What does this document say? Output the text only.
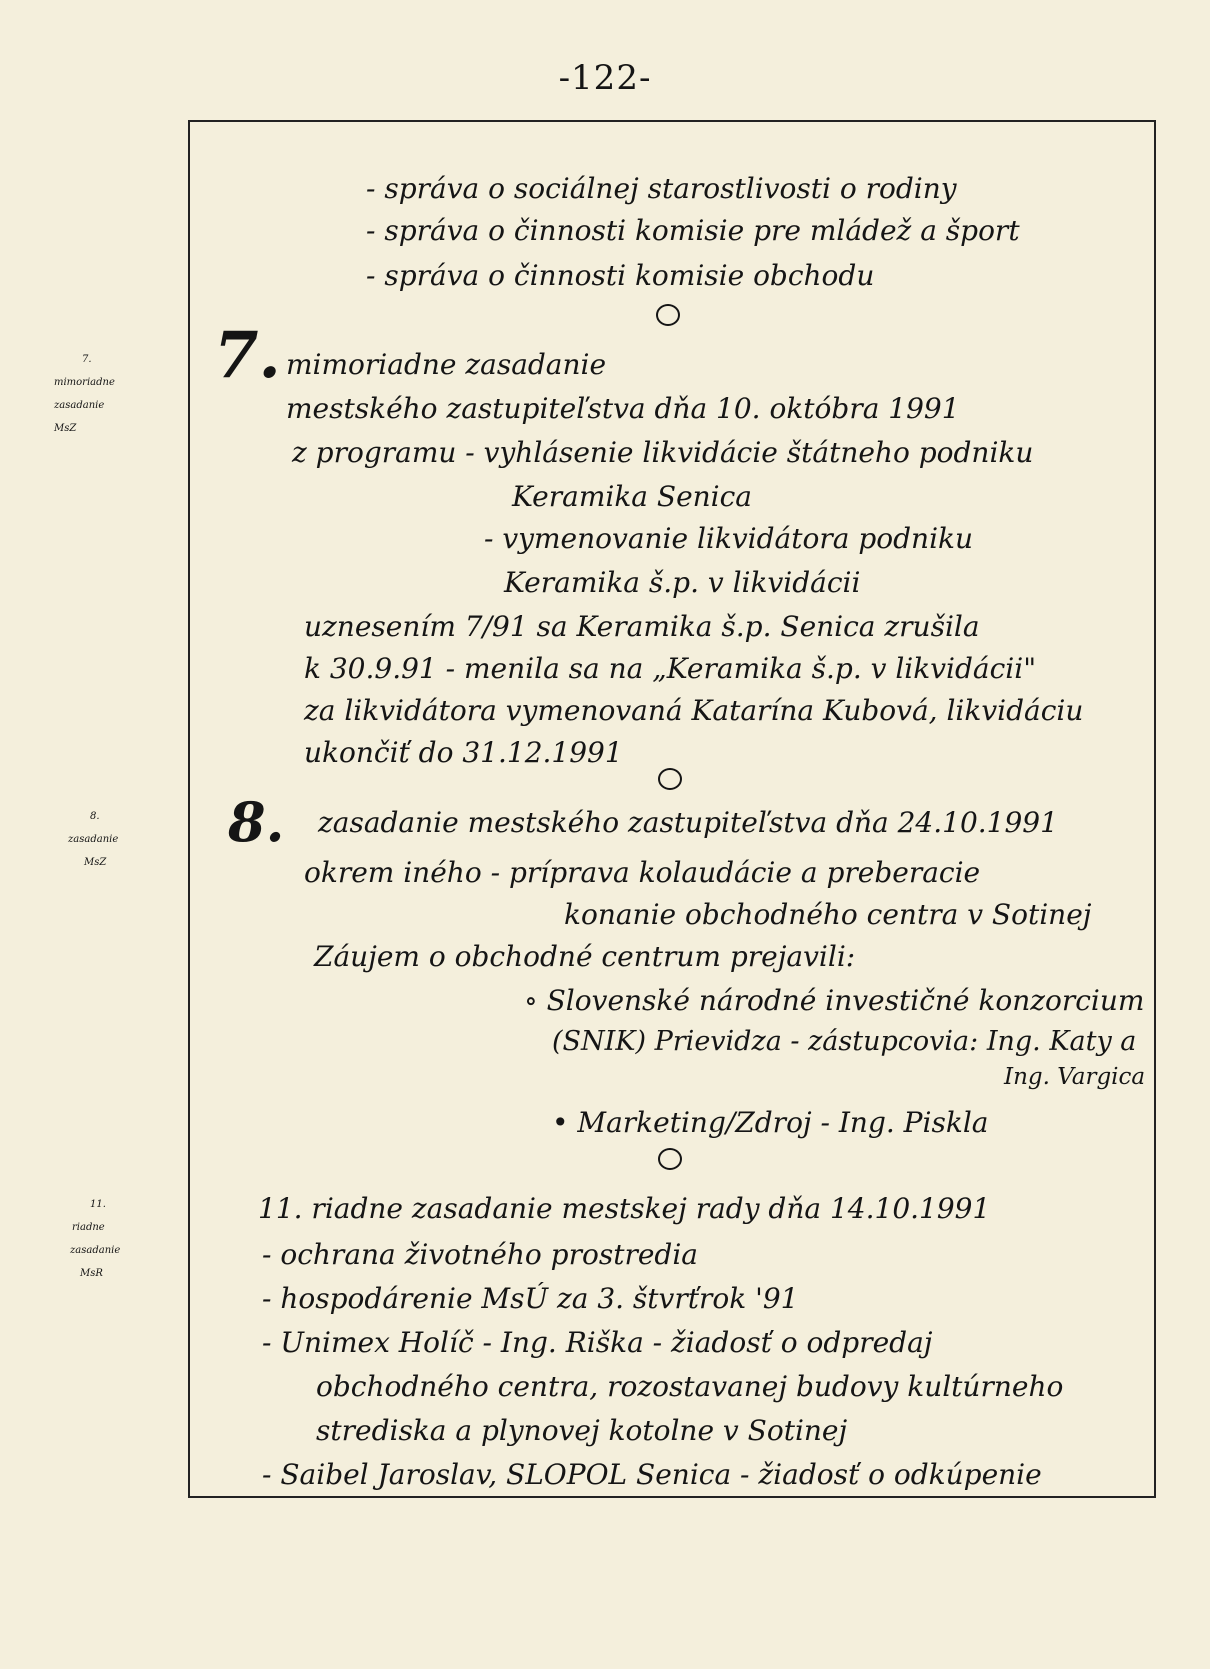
-122-
7.
mimoriadne
zasadanie
MsZ
8.
zasadanie
MsZ
11.
riadne
zasadanie
MsR
- správa o sociálnej starostlivosti o rodiny
- správa o činnosti komisie pre mládež a šport
- správa o činnosti komisie obchodu
7. mimoriadne zasadanie
mestského zastupiteľstva dňa 10. októbra 1991
z programu - vyhlásenie likvidácie štátneho podniku
Keramika Senica
- vymenovanie likvidátora podniku
Keramika š.p. v likvidácii
uznesením 7/91 sa Keramika š.p. Senica zrušila
k 30.9.91 - menila sa na „Keramika š.p. v likvidácii"
za likvidátora vymenovaná Katarína Kubová, likvidáciu
ukončiť do 31.12.1991
8. zasadanie mestského zastupiteľstva dňa 24.10.1991
okrem iného - príprava kolaudácie a preberacie
konanie obchodného centra v Sotinej
Záujem o obchodné centrum prejavili:
∘ Slovenské národné investičné konzorcium
(SNIK) Prievidza - zástupcovia: Ing. Katy a
Ing. Vargica
• Marketing/Zdroj - Ing. Piskla
11. riadne zasadanie mestskej rady dňa 14.10.1991
- ochrana životného prostredia
- hospodárenie MsÚ za 3. štvrťrok '91
- Unimex Holíč - Ing. Riška - žiadosť o odpredaj
obchodného centra, rozostavanej budovy kultúrneho
strediska a plynovej kotolne v Sotinej
- Saibel Jaroslav, SLOPOL Senica - žiadosť o odkúpenie
